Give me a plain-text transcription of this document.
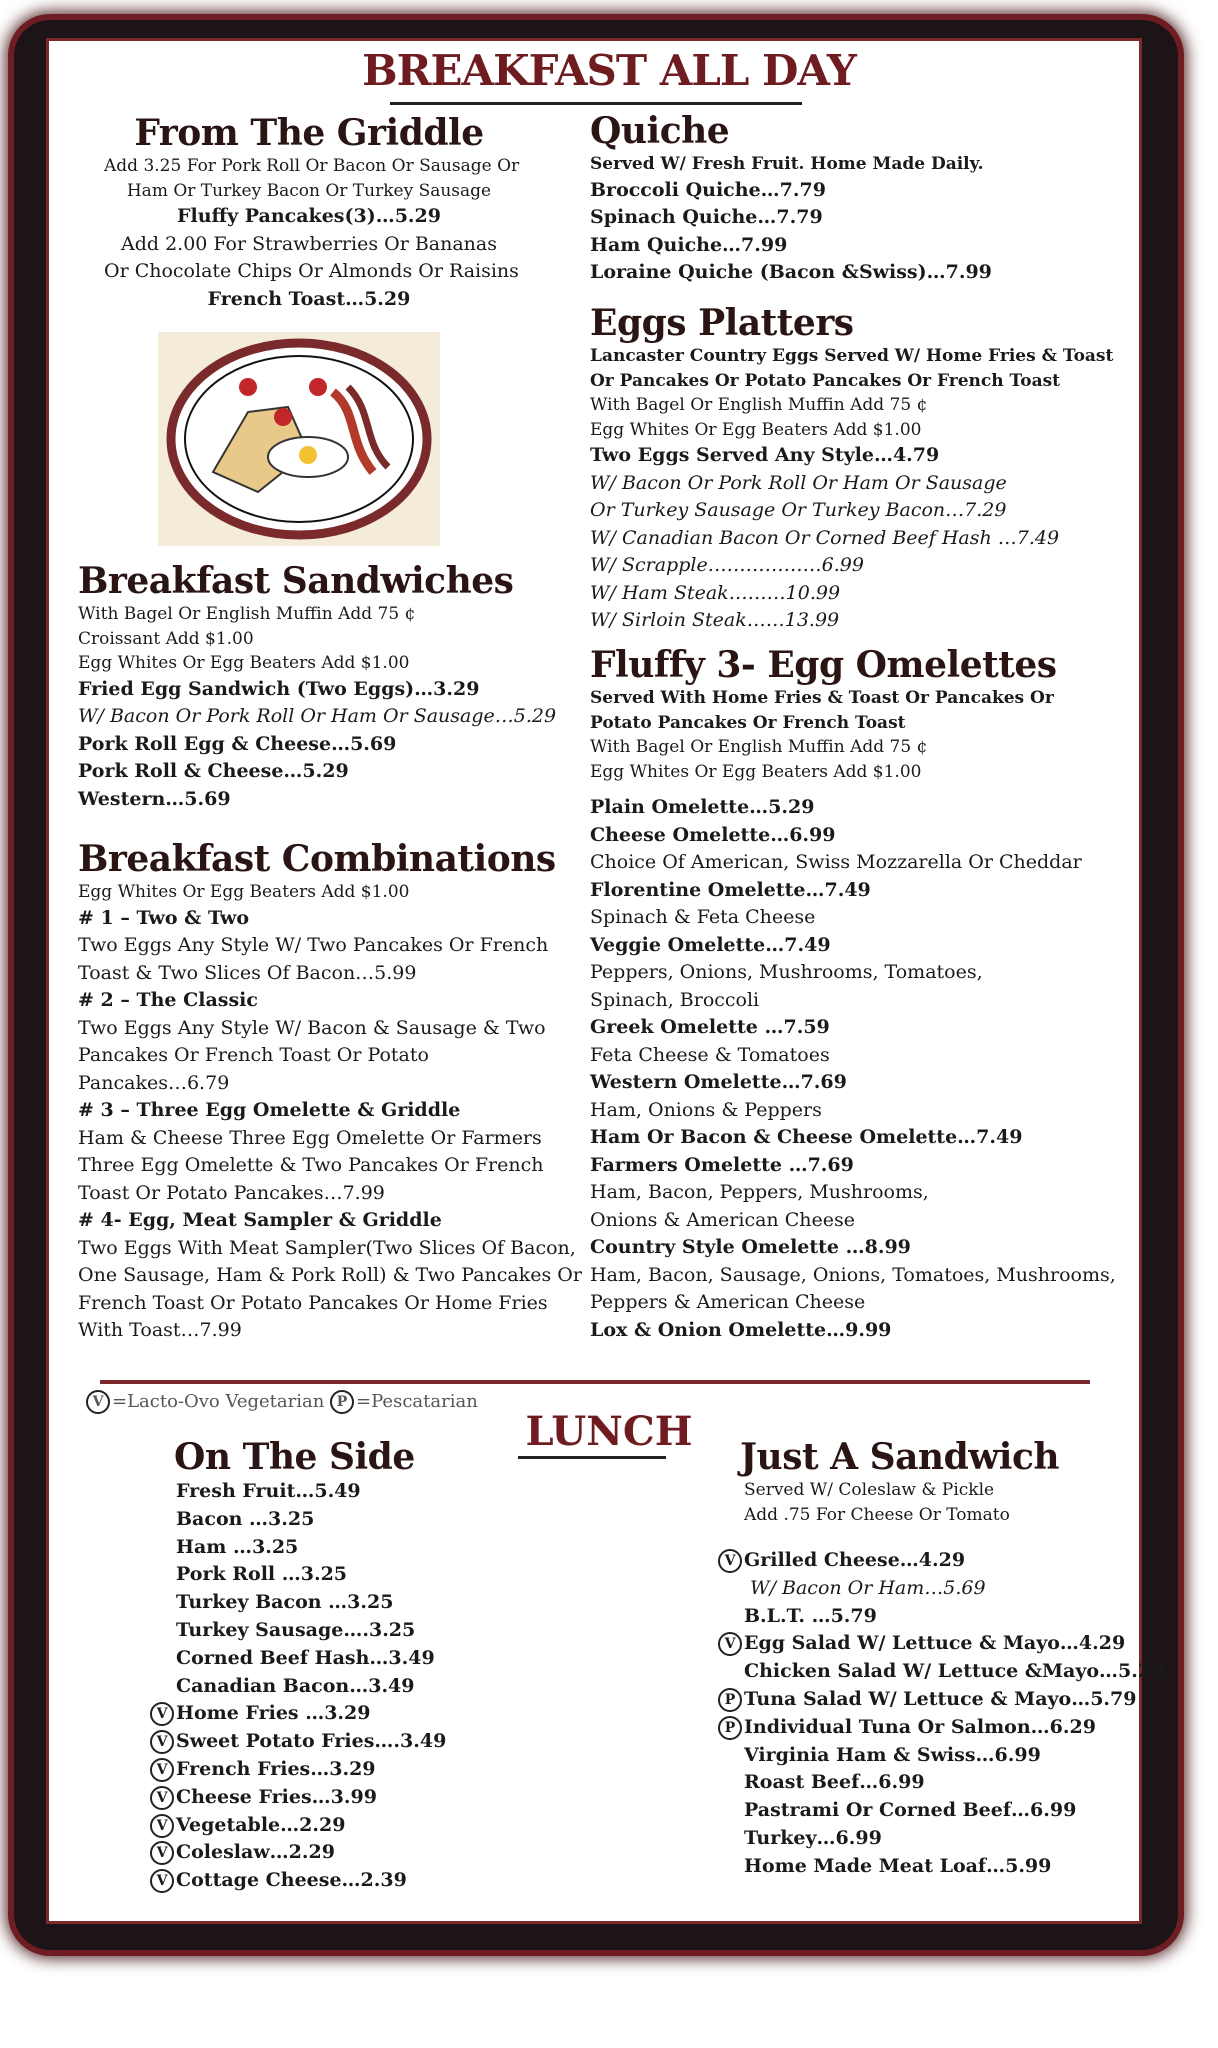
BREAKFAST ALL DAY
From The Griddle
Add 3.25 For Pork Roll Or Bacon Or Sausage Or
Ham Or Turkey Bacon Or Turkey Sausage
Fluffy Pancakes(3)…5.29
Add 2.00 For Strawberries Or Bananas
Or Chocolate Chips Or Almonds Or Raisins
French Toast…5.29
Breakfast Sandwiches
With Bagel Or English Muffin Add 75 ¢
Croissant Add $1.00
Egg Whites Or Egg Beaters Add $1.00
Fried Egg Sandwich (Two Eggs)…3.29
W/ Bacon Or Pork Roll Or Ham Or Sausage…5.29
Pork Roll Egg & Cheese…5.69
Pork Roll & Cheese…5.29
Western…5.69
Breakfast Combinations
Egg Whites Or Egg Beaters Add $1.00
# 1 – Two & Two
Two Eggs Any Style W/ Two Pancakes Or French
Toast & Two Slices Of Bacon…5.99
# 2 – The Classic
Two Eggs Any Style W/ Bacon & Sausage & Two
Pancakes Or French Toast Or Potato
Pancakes…6.79
# 3 – Three Egg Omelette & Griddle
Ham & Cheese Three Egg Omelette Or Farmers
Three Egg Omelette & Two Pancakes Or French
Toast Or Potato Pancakes…7.99
# 4- Egg, Meat Sampler & Griddle
Two Eggs With Meat Sampler(Two Slices Of Bacon,
One Sausage, Ham & Pork Roll) & Two Pancakes Or
French Toast Or Potato Pancakes Or Home Fries
With Toast…7.99
Quiche
Served W/ Fresh Fruit. Home Made Daily.
Broccoli Quiche…7.79
Spinach Quiche…7.79
Ham Quiche…7.99
Loraine Quiche (Bacon &Swiss)…7.99
Eggs Platters
Lancaster Country Eggs Served W/ Home Fries & Toast
Or Pancakes Or Potato Pancakes Or French Toast
With Bagel Or English Muffin Add 75 ¢
Egg Whites Or Egg Beaters Add $1.00
Two Eggs Served Any Style…4.79
W/ Bacon Or Pork Roll Or Ham Or Sausage
Or Turkey Sausage Or Turkey Bacon…7.29
W/ Canadian Bacon Or Corned Beef Hash …7.49
W/ Scrapple………………6.99
W/ Ham Steak………10.99
W/ Sirloin Steak……13.99
Fluffy 3- Egg Omelettes
Served With Home Fries & Toast Or Pancakes Or
Potato Pancakes Or French Toast
With Bagel Or English Muffin Add 75 ¢
Egg Whites Or Egg Beaters Add $1.00
Plain Omelette…5.29
Cheese Omelette…6.99
Choice Of American, Swiss Mozzarella Or Cheddar
Florentine Omelette…7.49
Spinach & Feta Cheese
Veggie Omelette…7.49
Peppers, Onions, Mushrooms, Tomatoes,
Spinach, Broccoli
Greek Omelette …7.59
Feta Cheese & Tomatoes
Western Omelette…7.69
Ham, Onions & Peppers
Ham Or Bacon & Cheese Omelette…7.49
Farmers Omelette …7.69
Ham, Bacon, Peppers, Mushrooms,
Onions & American Cheese
Country Style Omelette …8.99
Ham, Bacon, Sausage, Onions, Tomatoes, Mushrooms,
Peppers & American Cheese
Lox & Onion Omelette…9.99
V =Lacto-Ovo Vegetarian P =Pescatarian
LUNCH
On The Side
Fresh Fruit…5.49
Bacon …3.25
Ham …3.25
Pork Roll …3.25
Turkey Bacon …3.25
Turkey Sausage….3.25
Corned Beef Hash…3.49
Canadian Bacon…3.49
V Home Fries …3.29
V Sweet Potato Fries….3.49
V French Fries…3.29
V Cheese Fries…3.99
V Vegetable…2.29
V Coleslaw…2.29
V Cottage Cheese…2.39
Just A Sandwich
Served W/ Coleslaw & Pickle
Add .75 For Cheese Or Tomato
V Grilled Cheese…4.29
W/ Bacon Or Ham…5.69
B.L.T. …5.79
V Egg Salad W/ Lettuce & Mayo…4.29
Chicken Salad W/ Lettuce &Mayo…5.29
P Tuna Salad W/ Lettuce & Mayo…5.79
P Individual Tuna Or Salmon…6.29
Virginia Ham & Swiss…6.99
Roast Beef…6.99
Pastrami Or Corned Beef…6.99
Turkey…6.99
Home Made Meat Loaf…5.99
